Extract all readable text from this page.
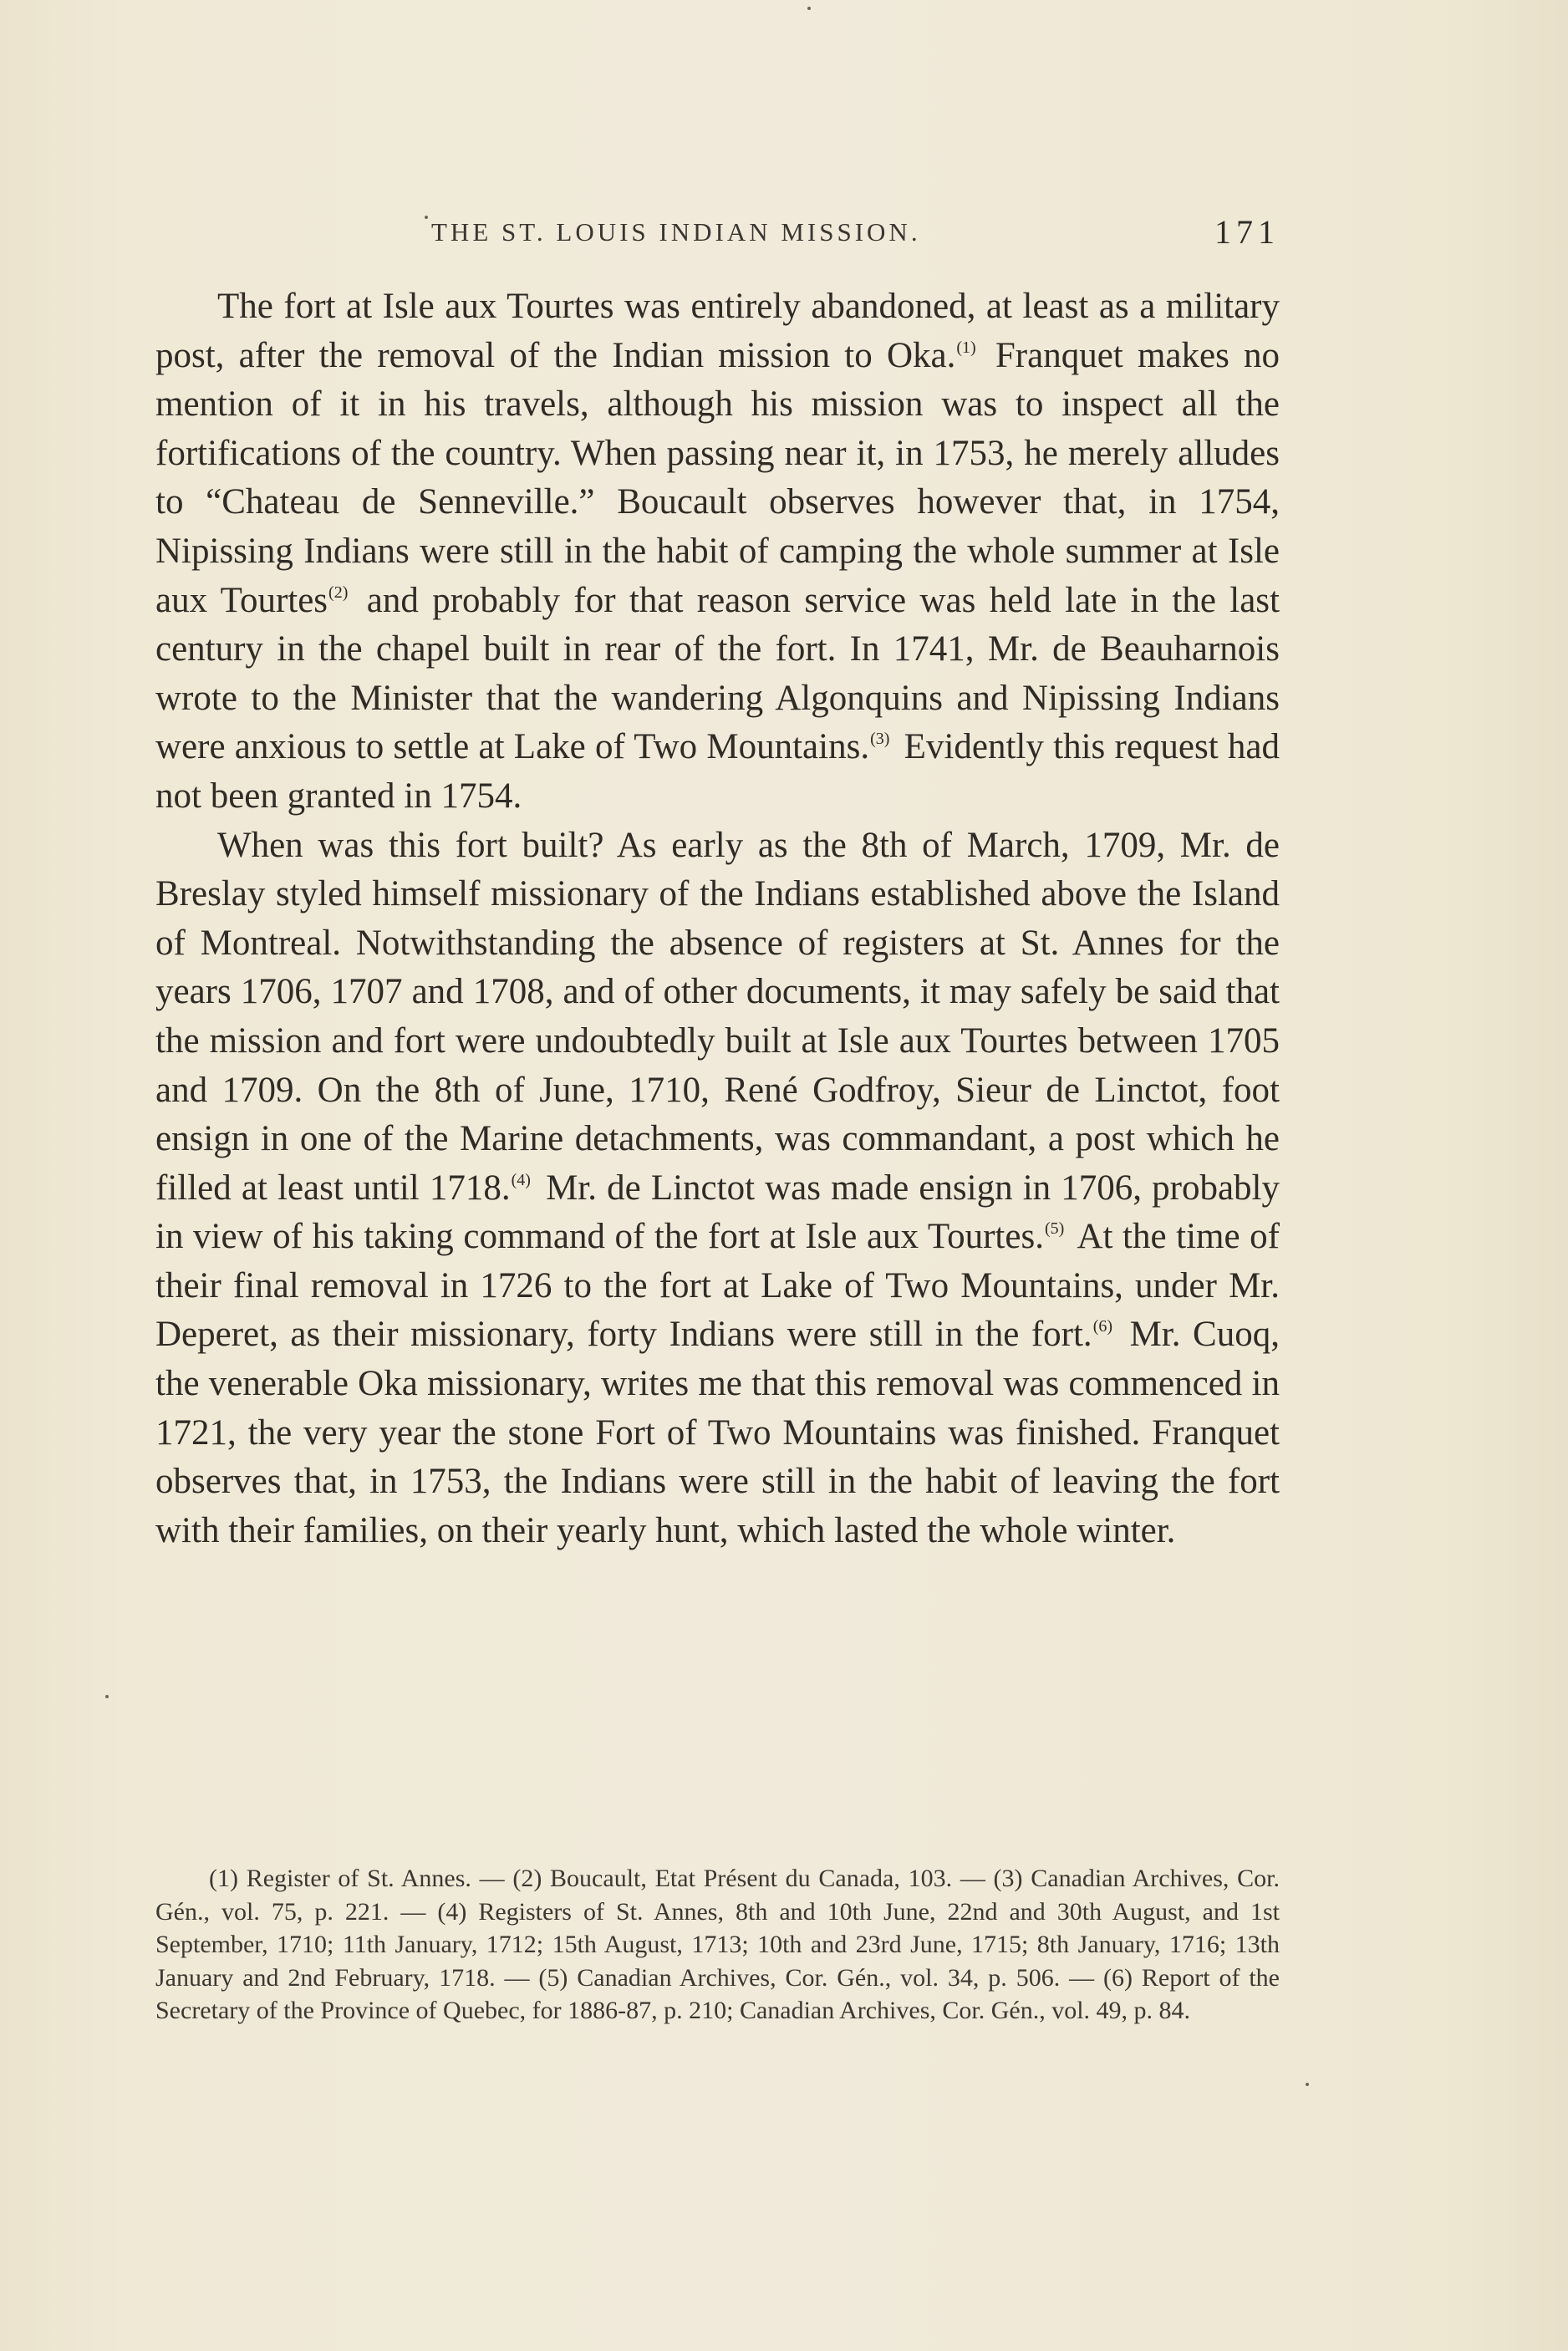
THE ST. LOUIS INDIAN MISSION.	171

The fort at Isle aux Tourtes was entirely abandoned, at least as a military post, after the removal of the Indian mission to Oka.$^{(1)}$ Franquet makes no mention of it in his travels, although his mission was to inspect all the fortifications of the country. When passing near it, in 1753, he merely alludes to “Chateau de Senneville.” Boucault observes however that, in 1754, Nipissing Indians were still in the habit of camping the whole summer at Isle aux Tourtes$^{(2)}$ and probably for that reason service was held late in the last century in the chapel built in rear of the fort. In 1741, Mr. de Beauharnois wrote to the Minister that the wandering Algonquins and Nipissing Indians were anxious to settle at Lake of Two Mountains.$^{(3)}$ Evidently this request had not been granted in 1754.

When was this fort built? As early as the 8th of March, 1709, Mr. de Breslay styled himself missionary of the Indians established above the Island of Montreal. Notwithstanding the absence of registers at St. Annes for the years 1706, 1707 and 1708, and of other documents, it may safely be said that the mission and fort were undoubtedly built at Isle aux Tourtes between 1705 and 1709. On the 8th of June, 1710, René Godfroy, Sieur de Linctot, foot ensign in one of the Marine detachments, was commandant, a post which he filled at least until 1718.$^{(4)}$ Mr. de Linctot was made ensign in 1706, probably in view of his taking command of the fort at Isle aux Tourtes.$^{(5)}$ At the time of their final removal in 1726 to the fort at Lake of Two Mountains, under Mr. Deperet, as their missionary, forty Indians were still in the fort.$^{(6)}$ Mr. Cuoq, the venerable Oka missionary, writes me that this removal was commenced in 1721, the very year the stone Fort of Two Mountains was finished. Franquet observes that, in 1753, the Indians were still in the habit of leaving the fort with their families, on their yearly hunt, which lasted the whole winter.

(1) Register of St. Annes. — (2) Boucault, Etat Présent du Canada, 103. — (3) Canadian Archives, Cor. Gén., vol. 75, p. 221. — (4) Registers of St. Annes, 8th and 10th June, 22nd and 30th August, and 1st September, 1710; 11th January, 1712; 15th August, 1713; 10th and 23rd June, 1715; 8th January, 1716; 13th January and 2nd February, 1718. — (5) Canadian Archives, Cor. Gén., vol. 34, p. 506. — (6) Report of the Secretary of the Province of Quebec, for 1886-87, p. 210; Canadian Archives, Cor. Gén., vol. 49, p. 84.
